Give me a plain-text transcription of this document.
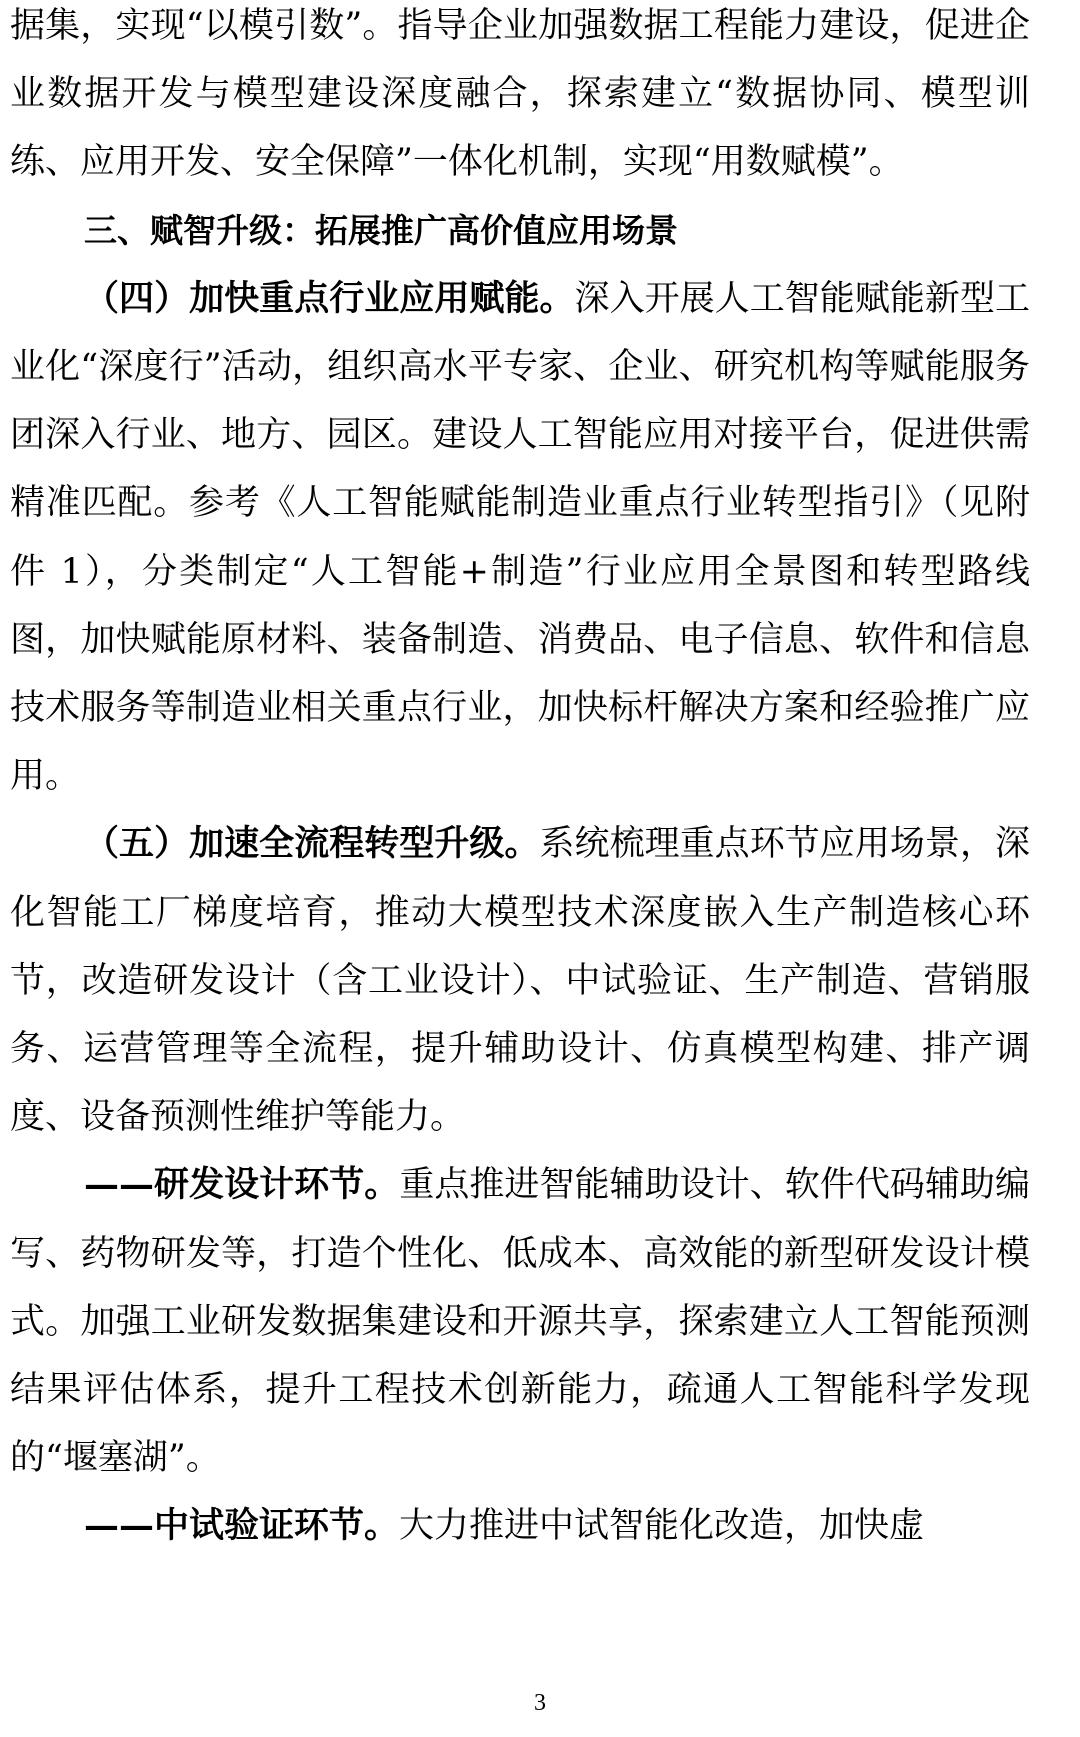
据集，实现“以模引数”。指导企业加强数据工程能力建设，促进企业数据开发与模型建设深度融合，探索建立“数据协同、模型训练、应用开发、安全保障”一体化机制，实现“用数赋模”。

三、赋智升级：拓展推广高价值应用场景

（四）加快重点行业应用赋能。深入开展人工智能赋能新型工业化“深度行”活动，组织高水平专家、企业、研究机构等赋能服务团深入行业、地方、园区。建设人工智能应用对接平台，促进供需精准匹配。参考《人工智能赋能制造业重点行业转型指引》（见附件 1），分类制定“人工智能+制造”行业应用全景图和转型路线图，加快赋能原材料、装备制造、消费品、电子信息、软件和信息技术服务等制造业相关重点行业，加快标杆解决方案和经验推广应用。

（五）加速全流程转型升级。系统梳理重点环节应用场景，深化智能工厂梯度培育，推动大模型技术深度嵌入生产制造核心环节，改造研发设计（含工业设计）、中试验证、生产制造、营销服务、运营管理等全流程，提升辅助设计、仿真模型构建、排产调度、设备预测性维护等能力。

——研发设计环节。重点推进智能辅助设计、软件代码辅助编写、药物研发等，打造个性化、低成本、高效能的新型研发设计模式。加强工业研发数据集建设和开源共享，探索建立人工智能预测结果评估体系，提升工程技术创新能力，疏通人工智能科学发现的“堰塞湖”。

——中试验证环节。大力推进中试智能化改造，加快虚

3
